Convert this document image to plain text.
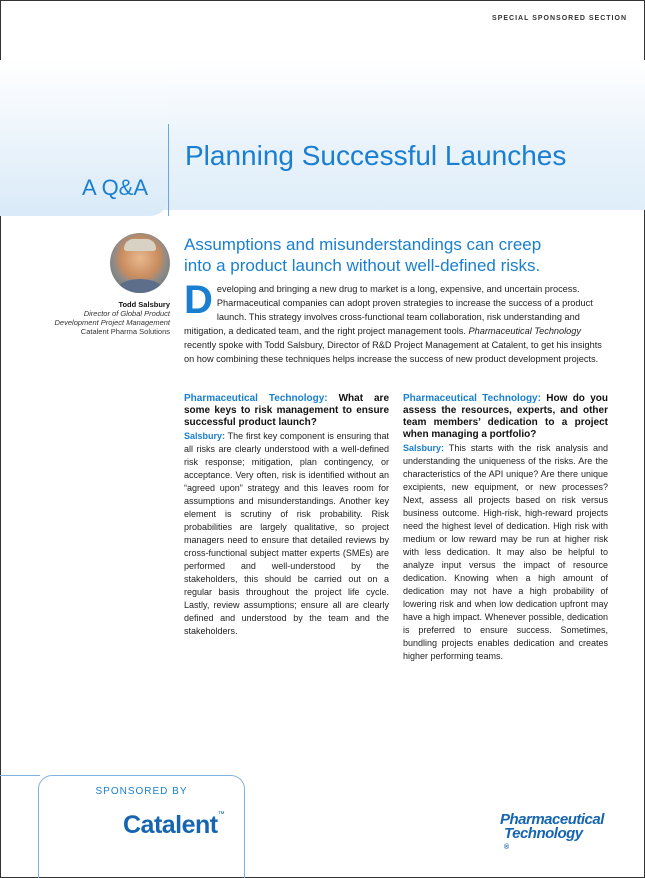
SPECIAL SPONSORED SECTION
A Q&A
Planning Successful Launches
Assumptions and misunderstandings can creep into a product launch without well-defined risks.
Todd Salsbury
Director of Global Product Development Project Management
Catalent Pharma Solutions
Developing and bringing a new drug to market is a long, expensive, and uncertain process. Pharmaceutical companies can adopt proven strategies to increase the success of a product launch. This strategy involves cross-functional team collaboration, risk understanding and mitigation, a dedicated team, and the right project management tools. Pharmaceutical Technology recently spoke with Todd Salsbury, Director of R&D Project Management at Catalent, to get his insights on how combining these techniques helps increase the success of new product development projects.
Pharmaceutical Technology: What are some keys to risk management to ensure successful product launch?
Salsbury: The first key component is ensuring that all risks are clearly understood with a well-defined risk response; mitigation, plan contingency, or acceptance. Very often, risk is identified without an “agreed upon” strategy and this leaves room for assumptions and misunderstandings. Another key element is scrutiny of risk probability. Risk probabilities are largely qualitative, so project managers need to ensure that detailed reviews by cross-functional subject matter experts (SMEs) are performed and well-understood by the stakeholders, this should be carried out on a regular basis throughout the project life cycle. Lastly, review assumptions; ensure all are clearly defined and understood by the team and the stakeholders.
Pharmaceutical Technology: How do you assess the resources, experts, and other team members’ dedication to a project when managing a portfolio?
Salsbury: This starts with the risk analysis and understanding the uniqueness of the risks. Are the characteristics of the API unique? Are there unique excipients, new equipment, or new processes? Next, assess all projects based on risk versus business outcome. High-risk, high-reward projects need the highest level of dedication. High risk with medium or low reward may be run at higher risk with less dedication. It may also be helpful to analyze input versus the impact of resource dedication. Knowing when a high amount of dedication may not have a high probability of lowering risk and when low dedication upfront may have a high impact. Whenever possible, dedication is preferred to ensure success. Sometimes, bundling projects enables dedication and creates higher performing teams.
SPONSORED BY
Catalent™	Pharmaceutical
Technology
®
